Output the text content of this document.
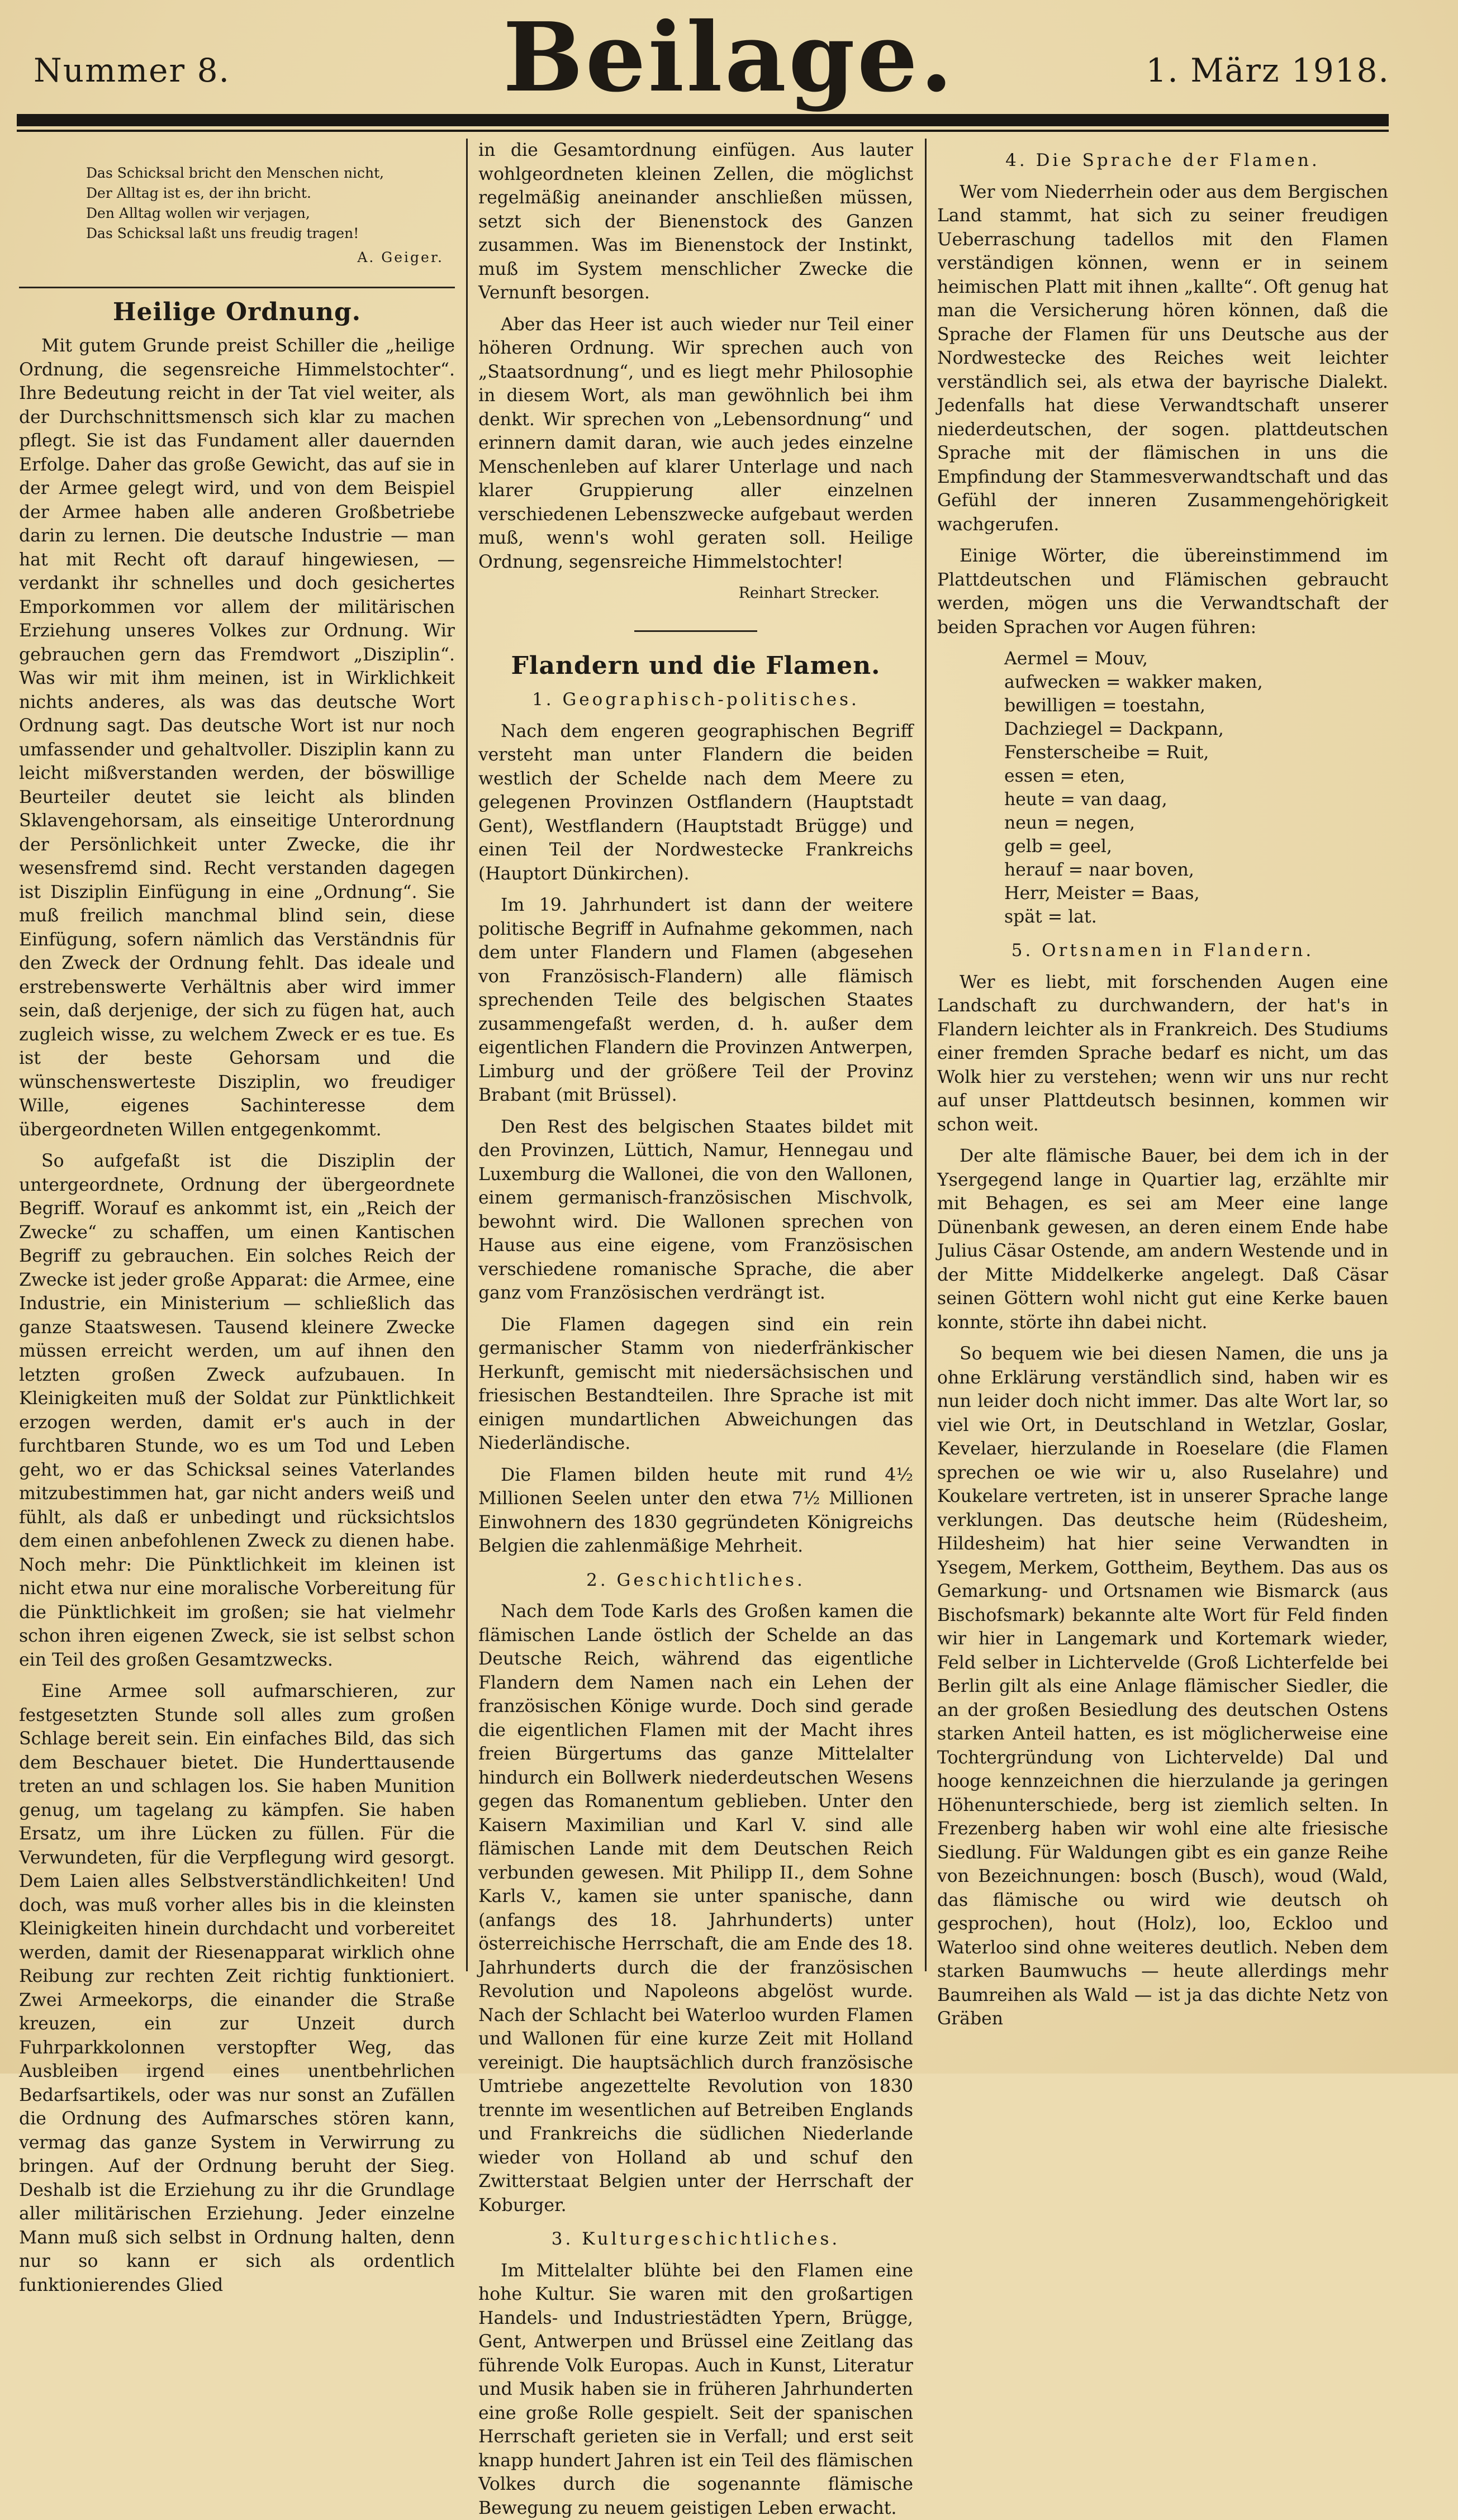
Nummer 8.	Beilage.	1. März 1918.
Das Schicksal bricht den Menschen nicht,
Der Alltag ist es, der ihn bricht.
Den Alltag wollen wir verjagen,
Das Schicksal laßt uns freudig tragen!
A. Geiger.
Heilige Ordnung.

Mit gutem Grunde preist Schiller die „heilige Ordnung, die segensreiche Himmelstochter“. Ihre Bedeutung reicht in der Tat viel weiter, als der Durchschnittsmensch sich klar zu machen pflegt. Sie ist das Fundament aller dauernden Erfolge. Daher das große Gewicht, das auf sie in der Armee gelegt wird, und von dem Beispiel der Armee haben alle anderen Großbetriebe darin zu lernen. Die deutsche Industrie — man hat mit Recht oft darauf hingewiesen, — verdankt ihr schnelles und doch gesichertes Emporkommen vor allem der militärischen Erziehung unseres Volkes zur Ordnung. Wir gebrauchen gern das Fremdwort „Disziplin“. Was wir mit ihm meinen, ist in Wirklichkeit nichts anderes, als was das deutsche Wort Ordnung sagt. Das deutsche Wort ist nur noch umfassender und gehaltvoller. Disziplin kann zu leicht mißverstanden werden, der böswillige Beurteiler deutet sie leicht als blinden Sklavengehorsam, als einseitige Unterordnung der Persönlichkeit unter Zwecke, die ihr wesensfremd sind. Recht verstanden dagegen ist Disziplin Einfügung in eine „Ordnung“. Sie muß freilich manchmal blind sein, diese Einfügung, sofern nämlich das Verständnis für den Zweck der Ordnung fehlt. Das ideale und erstrebenswerte Verhältnis aber wird immer sein, daß derjenige, der sich zu fügen hat, auch zugleich wisse, zu welchem Zweck er es tue. Es ist der beste Gehorsam und die wünschenswerteste Disziplin, wo freudiger Wille, eigenes Sachinteresse dem übergeordneten Willen entgegenkommt.

So aufgefaßt ist die Disziplin der untergeordnete, Ordnung der übergeordnete Begriff. Worauf es ankommt ist, ein „Reich der Zwecke“ zu schaffen, um einen Kantischen Begriff zu gebrauchen. Ein solches Reich der Zwecke ist jeder große Apparat: die Armee, eine Industrie, ein Ministerium — schließlich das ganze Staatswesen. Tausend kleinere Zwecke müssen erreicht werden, um auf ihnen den letzten großen Zweck aufzubauen. In Kleinigkeiten muß der Soldat zur Pünktlichkeit erzogen werden, damit er's auch in der furchtbaren Stunde, wo es um Tod und Leben geht, wo er das Schicksal seines Vaterlandes mitzubestimmen hat, gar nicht anders weiß und fühlt, als daß er unbedingt und rücksichtslos dem einen anbefohlenen Zweck zu dienen habe. Noch mehr: Die Pünktlichkeit im kleinen ist nicht etwa nur eine moralische Vorbereitung für die Pünktlichkeit im großen; sie hat vielmehr schon ihren eigenen Zweck, sie ist selbst schon ein Teil des großen Gesamtzwecks.

Eine Armee soll aufmarschieren, zur festgesetzten Stunde soll alles zum großen Schlage bereit sein. Ein einfaches Bild, das sich dem Beschauer bietet. Die Hunderttausende treten an und schlagen los. Sie haben Munition genug, um tagelang zu kämpfen. Sie haben Ersatz, um ihre Lücken zu füllen. Für die Verwundeten, für die Verpflegung wird gesorgt. Dem Laien alles Selbstverständlichkeiten! Und doch, was muß vorher alles bis in die kleinsten Kleinigkeiten hinein durchdacht und vorbereitet werden, damit der Riesenapparat wirklich ohne Reibung zur rechten Zeit richtig funktioniert. Zwei Armeekorps, die einander die Straße kreuzen, ein zur Unzeit durch Fuhrparkkolonnen verstopfter Weg, das Ausbleiben irgend eines unentbehrlichen Bedarfsartikels, oder was nur sonst an Zufällen die Ordnung des Aufmarsches stören kann, vermag das ganze System in Verwirrung zu bringen. Auf der Ordnung beruht der Sieg. Deshalb ist die Erziehung zu ihr die Grundlage aller militärischen Erziehung. Jeder einzelne Mann muß sich selbst in Ordnung halten, denn nur so kann er sich als ordentlich funktionierendes Glied

in die Gesamtordnung einfügen. Aus lauter wohlgeordneten kleinen Zellen, die möglichst regelmäßig aneinander anschließen müssen, setzt sich der Bienenstock des Ganzen zusammen. Was im Bienenstock der Instinkt, muß im System menschlicher Zwecke die Vernunft besorgen.

Aber das Heer ist auch wieder nur Teil einer höheren Ordnung. Wir sprechen auch von „Staatsordnung“, und es liegt mehr Philosophie in diesem Wort, als man gewöhnlich bei ihm denkt. Wir sprechen von „Lebensordnung“ und erinnern damit daran, wie auch jedes einzelne Menschenleben auf klarer Unterlage und nach klarer Gruppierung aller einzelnen verschiedenen Lebenszwecke aufgebaut werden muß, wenn's wohl geraten soll. Heilige Ordnung, segensreiche Himmelstochter!

Reinhart Strecker.
Flandern und die Flamen.
1. Geographisch-politisches.

Nach dem engeren geographischen Begriff versteht man unter Flandern die beiden westlich der Schelde nach dem Meere zu gelegenen Provinzen Ostflandern (Hauptstadt Gent), Westflandern (Hauptstadt Brügge) und einen Teil der Nordwestecke Frankreichs (Hauptort Dünkirchen).

Im 19. Jahrhundert ist dann der weitere politische Begriff in Aufnahme gekommen, nach dem unter Flandern und Flamen (abgesehen von Französisch-Flandern) alle flämisch sprechenden Teile des belgischen Staates zusammengefaßt werden, d. h. außer dem eigentlichen Flandern die Provinzen Antwerpen, Limburg und der größere Teil der Provinz Brabant (mit Brüssel).

Den Rest des belgischen Staates bildet mit den Provinzen, Lüttich, Namur, Hennegau und Luxemburg die Wallonei, die von den Wallonen, einem germanisch-französischen Mischvolk, bewohnt wird. Die Wallonen sprechen von Hause aus eine eigene, vom Französischen verschiedene romanische Sprache, die aber ganz vom Französischen verdrängt ist.

Die Flamen dagegen sind ein rein germanischer Stamm von niederfränkischer Herkunft, gemischt mit niedersächsischen und friesischen Bestandteilen. Ihre Sprache ist mit einigen mundartlichen Abweichungen das Niederländische.

Die Flamen bilden heute mit rund 4½ Millionen Seelen unter den etwa 7½ Millionen Einwohnern des 1830 gegründeten Königreichs Belgien die zahlenmäßige Mehrheit.

2. Geschichtliches.

Nach dem Tode Karls des Großen kamen die flämischen Lande östlich der Schelde an das Deutsche Reich, während das eigentliche Flandern dem Namen nach ein Lehen der französischen Könige wurde. Doch sind gerade die eigentlichen Flamen mit der Macht ihres freien Bürgertums das ganze Mittelalter hindurch ein Bollwerk niederdeutschen Wesens gegen das Romanentum geblieben. Unter den Kaisern Maximilian und Karl V. sind alle flämischen Lande mit dem Deutschen Reich verbunden gewesen. Mit Philipp II., dem Sohne Karls V., kamen sie unter spanische, dann (anfangs des 18. Jahrhunderts) unter österreichische Herrschaft, die am Ende des 18. Jahrhunderts durch die der französischen Revolution und Napoleons abgelöst wurde. Nach der Schlacht bei Waterloo wurden Flamen und Wallonen für eine kurze Zeit mit Holland vereinigt. Die hauptsächlich durch französische Umtriebe angezettelte Revolution von 1830 trennte im wesentlichen auf Betreiben Englands und Frankreichs die südlichen Niederlande wieder von Holland ab und schuf den Zwitterstaat Belgien unter der Herrschaft der Koburger.

3. Kulturgeschichtliches.

Im Mittelalter blühte bei den Flamen eine hohe Kultur. Sie waren mit den großartigen Handels- und Industriestädten Ypern, Brügge, Gent, Antwerpen und Brüssel eine Zeitlang das führende Volk Europas. Auch in Kunst, Literatur und Musik haben sie in früheren Jahrhunderten eine große Rolle gespielt. Seit der spanischen Herrschaft gerieten sie in Verfall; und erst seit knapp hundert Jahren ist ein Teil des flämischen Volkes durch die sogenannte flämische Bewegung zu neuem geistigen Leben erwacht.

4. Die Sprache der Flamen.

Wer vom Niederrhein oder aus dem Bergischen Land stammt, hat sich zu seiner freudigen Ueberraschung tadellos mit den Flamen verständigen können, wenn er in seinem heimischen Platt mit ihnen „kallte“. Oft genug hat man die Versicherung hören können, daß die Sprache der Flamen für uns Deutsche aus der Nordwestecke des Reiches weit leichter verständlich sei, als etwa der bayrische Dialekt. Jedenfalls hat diese Verwandtschaft unserer niederdeutschen, der sogen. plattdeutschen Sprache mit der flämischen in uns die Empfindung der Stammesverwandtschaft und das Gefühl der inneren Zusammengehörigkeit wachgerufen.

Einige Wörter, die übereinstimmend im Plattdeutschen und Flämischen gebraucht werden, mögen uns die Verwandtschaft der beiden Sprachen vor Augen führen:

Aermel = Mouv,
aufwecken = wakker maken,
bewilligen = toestahn,
Dachziegel = Dackpann,
Fensterscheibe = Ruit,
essen = eten,
heute = van daag,
neun = negen,
gelb = geel,
herauf = naar boven,
Herr, Meister = Baas,
spät = lat.
5. Ortsnamen in Flandern.

Wer es liebt, mit forschenden Augen eine Landschaft zu durchwandern, der hat's in Flandern leichter als in Frankreich. Des Studiums einer fremden Sprache bedarf es nicht, um das Wolk hier zu verstehen; wenn wir uns nur recht auf unser Plattdeutsch besinnen, kommen wir schon weit.

Der alte flämische Bauer, bei dem ich in der Ysergegend lange in Quartier lag, erzählte mir mit Behagen, es sei am Meer eine lange Dünenbank gewesen, an deren einem Ende habe Julius Cäsar Ostende, am andern Westende und in der Mitte Middelkerke angelegt. Daß Cäsar seinen Göttern wohl nicht gut eine Kerke bauen konnte, störte ihn dabei nicht.

So bequem wie bei diesen Namen, die uns ja ohne Erklärung verständlich sind, haben wir es nun leider doch nicht immer. Das alte Wort lar, so viel wie Ort, in Deutschland in Wetzlar, Goslar, Kevelaer, hierzulande in Roeselare (die Flamen sprechen oe wie wir u, also Ruselahre) und Koukelare vertreten, ist in unserer Sprache lange verklungen. Das deutsche heim (Rüdesheim, Hildesheim) hat hier seine Verwandten in Ysegem, Merkem, Gottheim, Beythem. Das aus os Gemarkung- und Ortsnamen wie Bismarck (aus Bischofsmark) bekannte alte Wort für Feld finden wir hier in Langemark und Kortemark wieder, Feld selber in Lichtervelde (Groß Lichterfelde bei Berlin gilt als eine Anlage flämischer Siedler, die an der großen Besiedlung des deutschen Ostens starken Anteil hatten, es ist möglicherweise eine Tochtergründung von Lichtervelde) Dal und hooge kennzeichnen die hierzulande ja geringen Höhenunterschiede, berg ist ziemlich selten. In Frezenberg haben wir wohl eine alte friesische Siedlung. Für Waldungen gibt es ein ganze Reihe von Bezeichnungen: bosch (Busch), woud (Wald, das flämische ou wird wie deutsch oh gesprochen), hout (Holz), loo, Eckloo und Waterloo sind ohne weiteres deutlich. Neben dem starken Baumwuchs — heute allerdings mehr Baumreihen als Wald — ist ja das dichte Netz von Gräben
